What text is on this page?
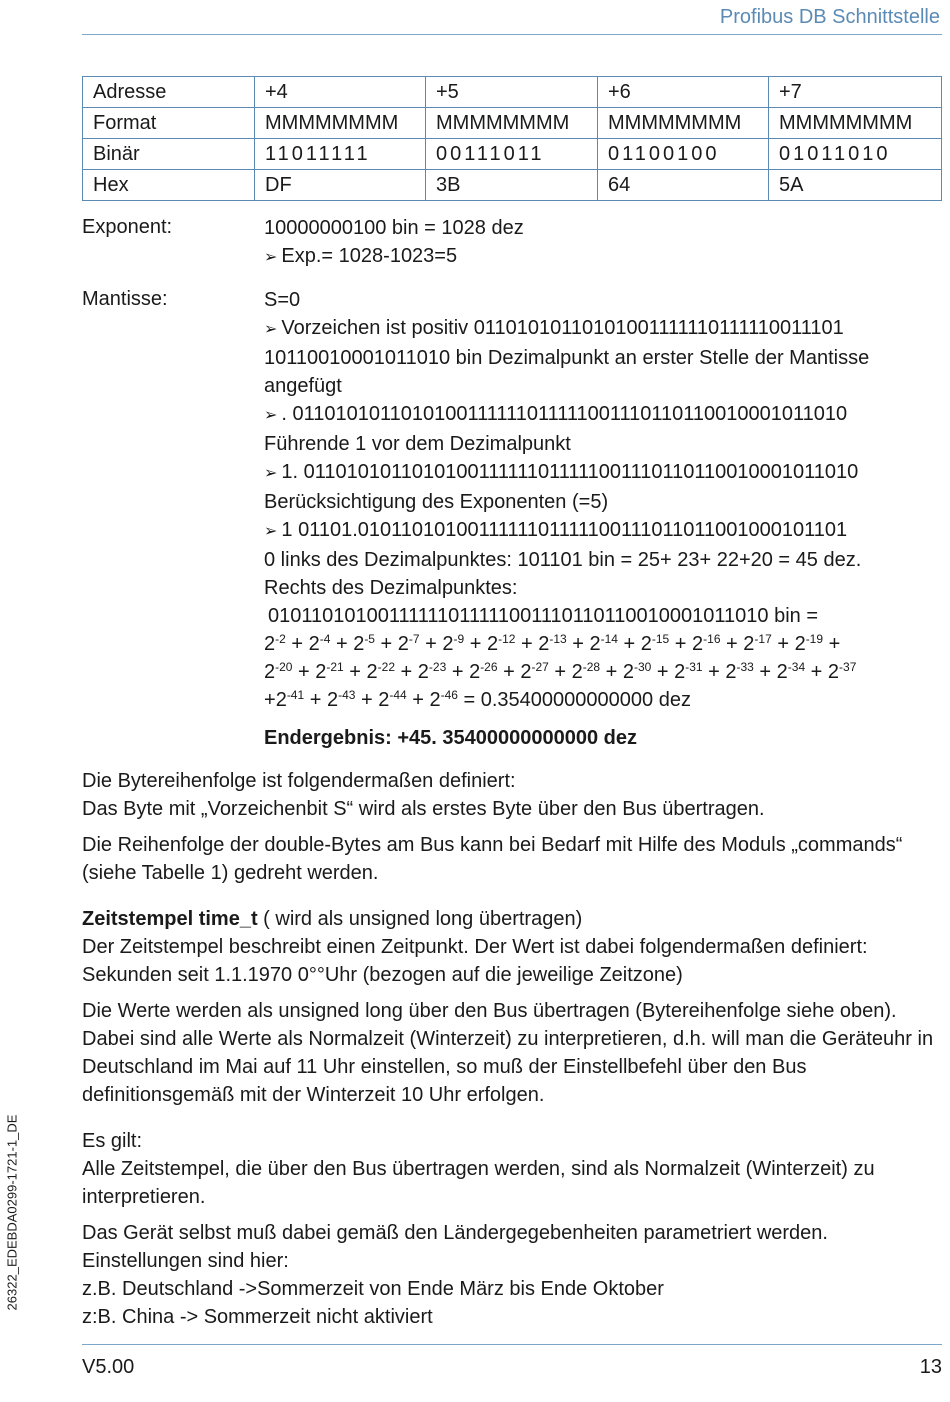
Profibus DB Schnittstelle
Adresse	+4	+5	+6	+7
Format	MMMMMMMM	MMMMMMMM	MMMMMMMM	MMMMMMMM
Binär	11011111	00111011	01100100	01011010
Hex	DF	3B	64	5A
Exponent:	10000000100 bin = 1028 dez
➢ Exp.= 1028-1023=5
Mantisse:	S=0
➢ Vorzeichen ist positiv 01101010110101001111110111110011101 10110010001011010 bin Dezimalpunkt an erster Stelle der Mantisse angefügt
➢ . 0110101011010100111111011111001110110110010001011010
Führende 1 vor dem Dezimalpunkt
➢ 1. 0110101011010100111111011111001110110110010001011010
Berücksichtigung des Exponenten (=5)
➢ 1 01101.0101101010011111101111100111011011001000101101
0 links des Dezimalpunktes: 101101 bin = 25+ 23+ 22+20 = 45 dez.
Rechts des Dezimalpunktes:
01011010100111111011111001110110110010001011010 bin =
$2^{-2} + 2^{-4} + 2^{-5} + 2^{-7} + 2^{-9} + 2^{-12} + 2^{-13} + 2^{-14} + 2^{-15} + 2^{-16} + 2^{-17} + 2^{-19}$ +
$2^{-20} + 2^{-21} + 2^{-22} + 2^{-23} + 2^{-26} + 2^{-27} + 2^{-28} + 2^{-30} + 2^{-31} + 2^{-33} + 2^{-34} + 2^{-37}$
$+2^{-41} + 2^{-43} + 2^{-44} + 2^{-46} = 0.35400000000000$ dez
Endergebnis: +45. 35400000000000 dez

Die Bytereihenfolge ist folgendermaßen definiert:

Das Byte mit „Vorzeichenbit S“ wird als erstes Byte über den Bus übertragen.

Die Reihenfolge der double-Bytes am Bus kann bei Bedarf mit Hilfe des Moduls „commands“ (siehe Tabelle 1) gedreht werden.

Zeitstempel time_t ( wird als unsigned long übertragen)

Der Zeitstempel beschreibt einen Zeitpunkt. Der Wert ist dabei folgendermaßen definiert: Sekunden seit 1.1.1970 0°°Uhr (bezogen auf die jeweilige Zeitzone)

Die Werte werden als unsigned long über den Bus übertragen (Bytereihenfolge siehe oben). Dabei sind alle Werte als Normalzeit (Winterzeit) zu interpretieren, d.h. will man die Geräteuhr in Deutschland im Mai auf 11 Uhr einstellen, so muß der Einstellbefehl über den Bus definitionsgemäß mit der Winterzeit 10 Uhr erfolgen.

Es gilt:

Alle Zeitstempel, die über den Bus übertragen werden, sind als Normalzeit (Winterzeit) zu interpretieren.

Das Gerät selbst muß dabei gemäß den Ländergegebenheiten parametriert werden. Einstellungen sind hier:

z.B. Deutschland ->Sommerzeit von Ende März bis Ende Oktober

z:B. China -> Sommerzeit nicht aktiviert

26322_EDEBDA0299-1721-1_DE
V5.00	13
